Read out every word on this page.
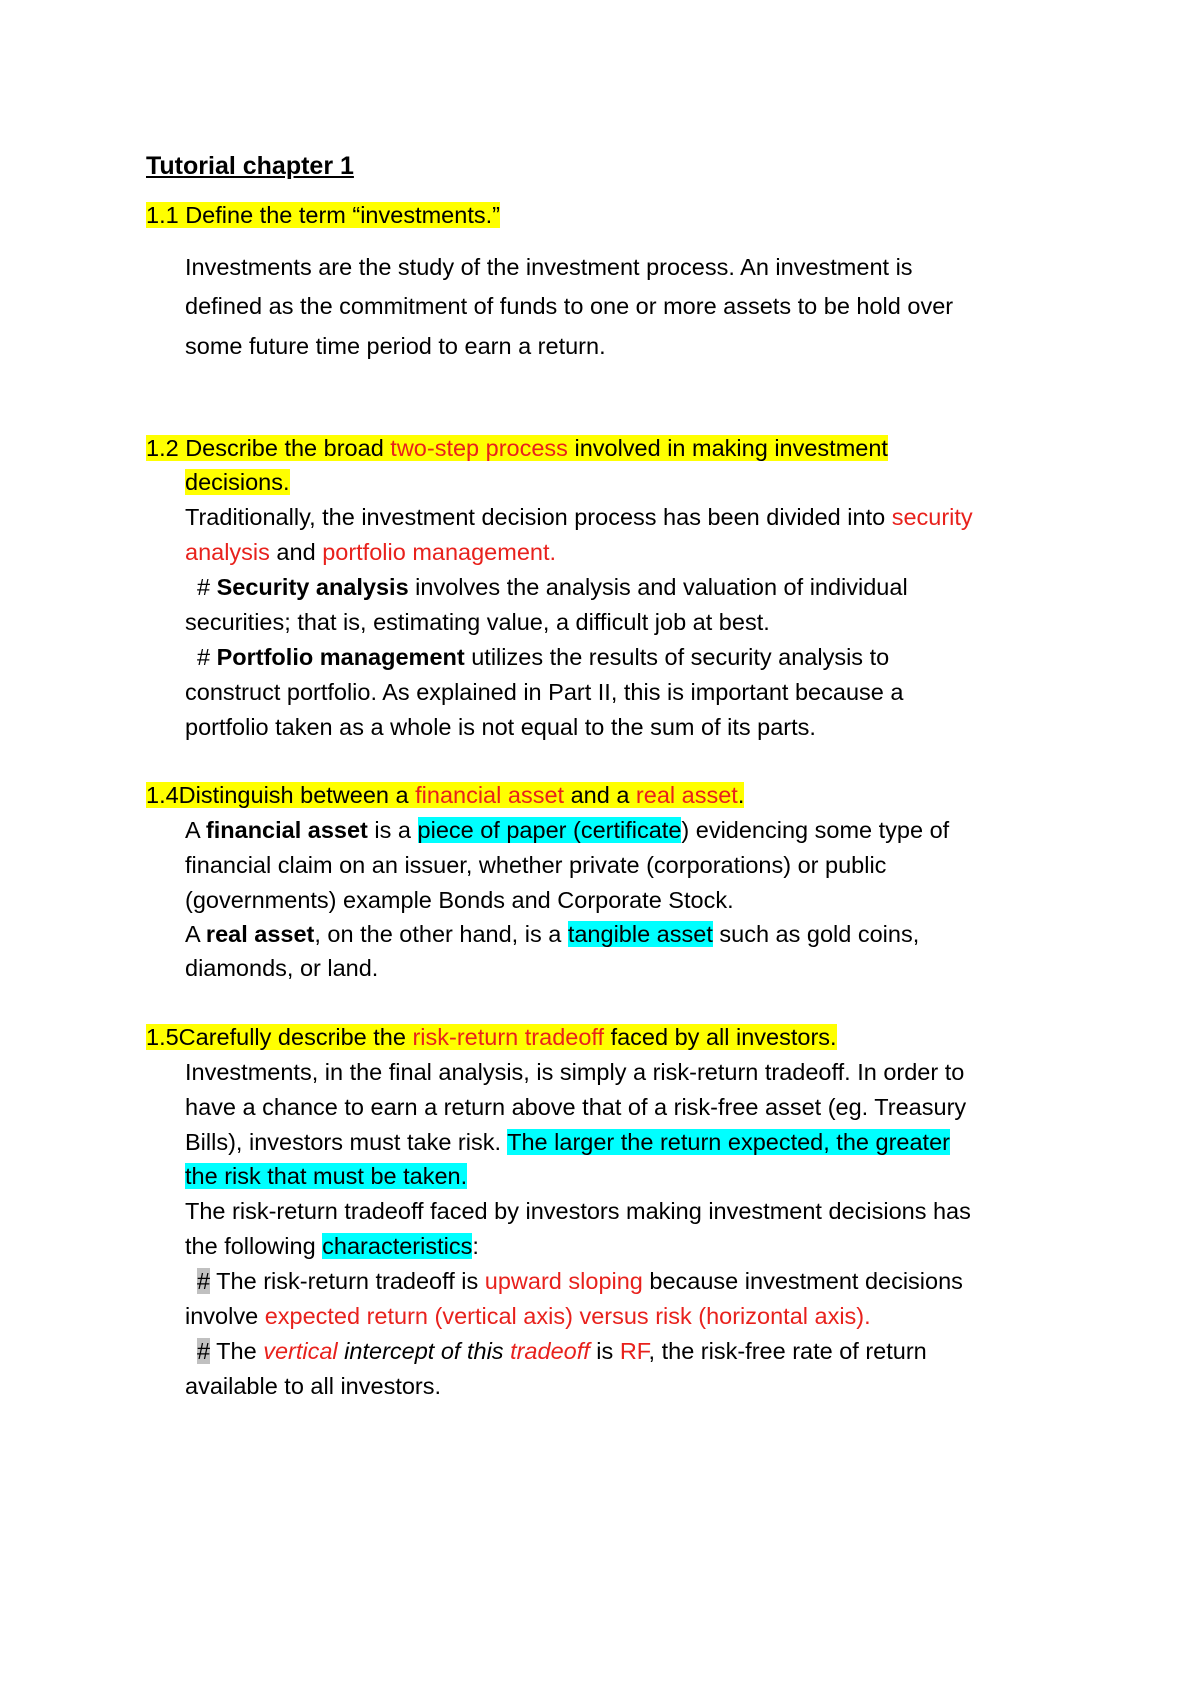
Tutorial chapter 1
1.1 Define the term “investments.”
Investments are the study of the investment process. An investment is
defined as the commitment of funds to one or more assets to be hold over
some future time period to earn a return.
1.2 Describe the broad two-step process involved in making investment
decisions.
Traditionally, the investment decision process has been divided into security
analysis and portfolio management.
# Security analysis involves the analysis and valuation of individual
securities; that is, estimating value, a difficult job at best.
# Portfolio management utilizes the results of security analysis to
construct portfolio. As explained in Part II, this is important because a
portfolio taken as a whole is not equal to the sum of its parts.
1.4Distinguish between a financial asset and a real asset.
A financial asset is a piece of paper (certificate) evidencing some type of
financial claim on an issuer, whether private (corporations) or public
(governments) example Bonds and Corporate Stock.
A real asset, on the other hand, is a tangible asset such as gold coins,
diamonds, or land.
1.5Carefully describe the risk-return tradeoff faced by all investors.
Investments, in the final analysis, is simply a risk-return tradeoff. In order to
have a chance to earn a return above that of a risk-free asset (eg. Treasury
Bills), investors must take risk. The larger the return expected, the greater
the risk that must be taken.
The risk-return tradeoff faced by investors making investment decisions has
the following characteristics:
# The risk-return tradeoff is upward sloping because investment decisions
involve expected return (vertical axis) versus risk (horizontal axis).
# The vertical intercept of this tradeoff is RF, the risk-free rate of return
available to all investors.
